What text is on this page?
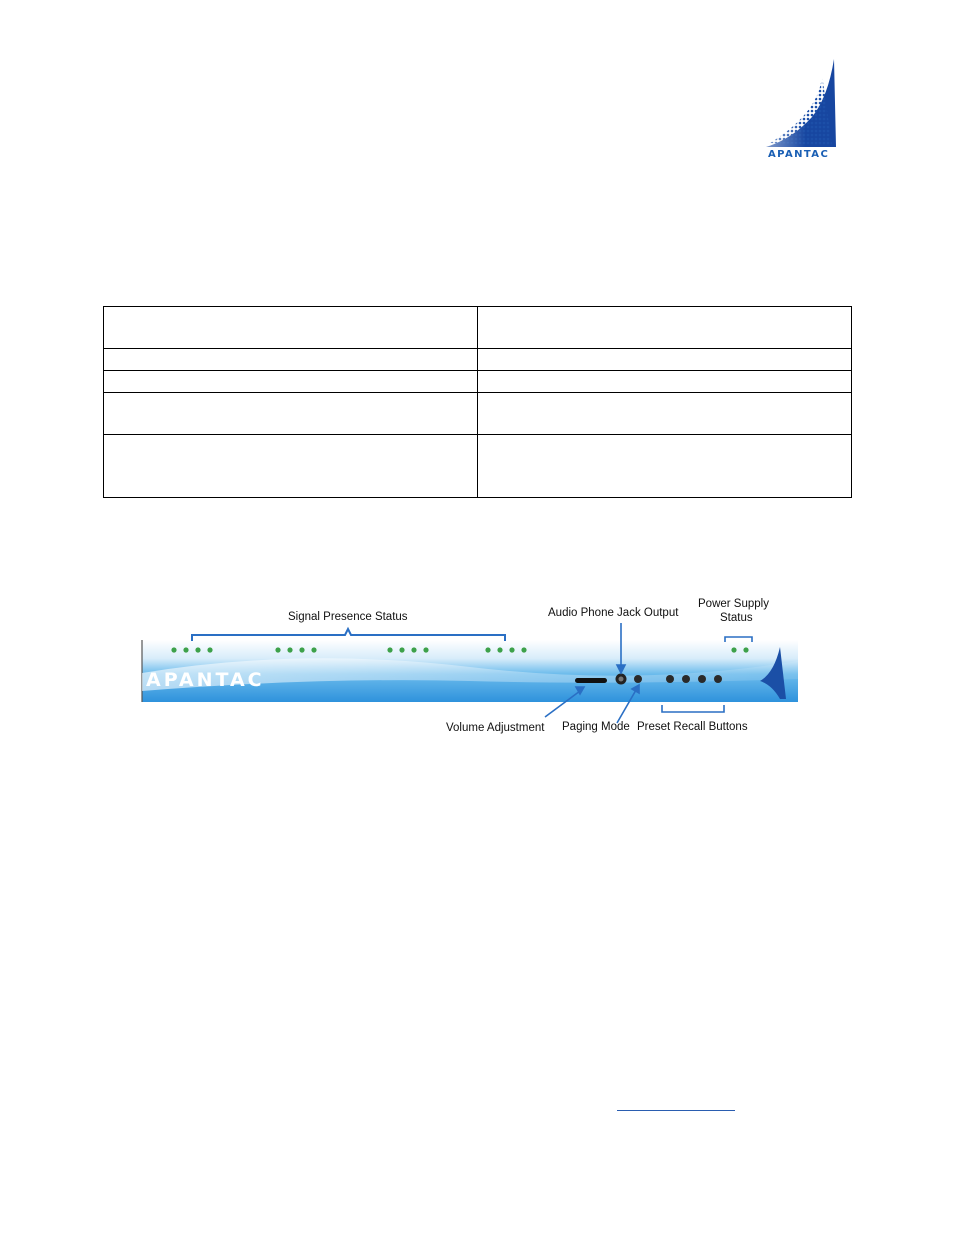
APANTAC

Signal Presence Status	Audio Phone Jack Output
Power Supply
Status
APANTAC
Volume Adjustment Paging Mode Preset Recall Buttons
